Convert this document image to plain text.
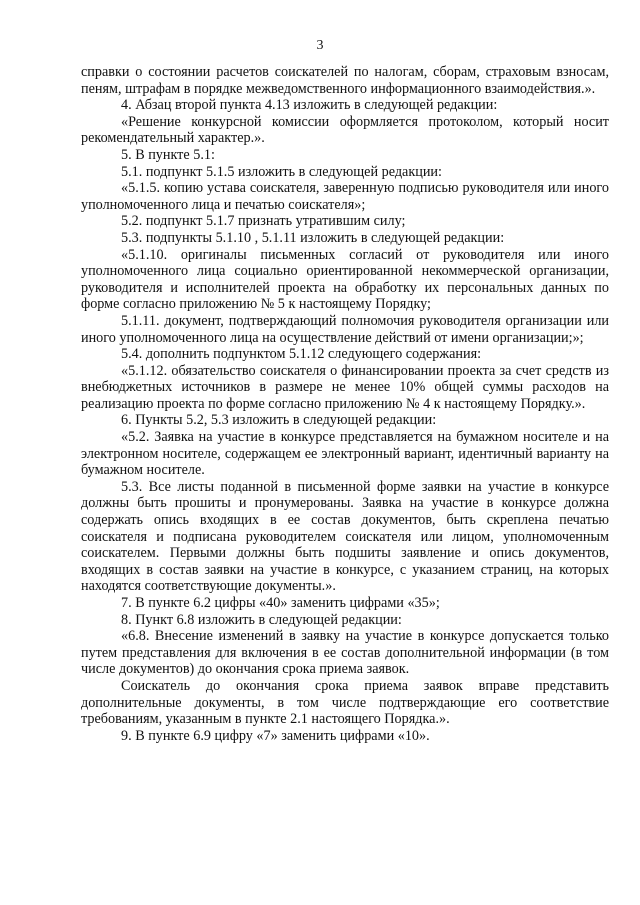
3

справки о состоянии расчетов соискателей по налогам, сборам, страховым взносам, пеням, штрафам в порядке межведомственного информационного взаимодействия.».

4. Абзац второй пункта 4.13 изложить в следующей редакции:

«Решение конкурсной комиссии оформляется протоколом, который носит рекомендательный характер.».

5. В пункте 5.1:

5.1. подпункт 5.1.5 изложить в следующей редакции:

«5.1.5. копию устава соискателя, заверенную подписью руководителя или иного уполномоченного лица и печатью соискателя»;

5.2. подпункт 5.1.7 признать утратившим силу;

5.3. подпункты 5.1.10 , 5.1.11 изложить в следующей редакции:

«5.1.10. оригиналы письменных согласий от руководителя или иного уполномоченного лица социально ориентированной некоммерческой организации, руководителя и исполнителей проекта на обработку их персональных данных по форме согласно приложению № 5 к настоящему Порядку;

5.1.11. документ, подтверждающий полномочия руководителя организации или иного уполномоченного лица на осуществление действий от имени организации;»;

5.4. дополнить подпунктом 5.1.12 следующего содержания:

«5.1.12. обязательство соискателя о финансировании проекта за счет средств из внебюджетных источников в размере не менее 10% общей суммы расходов на реализацию проекта по форме согласно приложению № 4 к настоящему Порядку.».

6. Пункты 5.2, 5.3 изложить в следующей редакции:

«5.2. Заявка на участие в конкурсе представляется на бумажном носителе и на электронном носителе, содержащем ее электронный вариант, идентичный варианту на бумажном носителе.

5.3. Все листы поданной в письменной форме заявки на участие в конкурсе должны быть прошиты и пронумерованы. Заявка на участие в конкурсе должна содержать опись входящих в ее состав документов, быть скреплена печатью соискателя и подписана руководителем соискателя или лицом, уполномоченным соискателем. Первыми должны быть подшиты заявление и опись документов, входящих в состав заявки на участие в конкурсе, с указанием страниц, на которых находятся соответствующие документы.».

7. В пункте 6.2 цифры «40» заменить цифрами «35»;

8. Пункт 6.8 изложить в следующей редакции:

«6.8. Внесение изменений в заявку на участие в конкурсе допускается только путем представления для включения в ее состав дополнительной информации (в том числе документов) до окончания срока приема заявок.

Соискатель до окончания срока приема заявок вправе представить дополнительные документы, в том числе подтверждающие его соответствие требованиям, указанным в пункте 2.1 настоящего Порядка.».

9. В пункте 6.9 цифру «7» заменить цифрами «10».
